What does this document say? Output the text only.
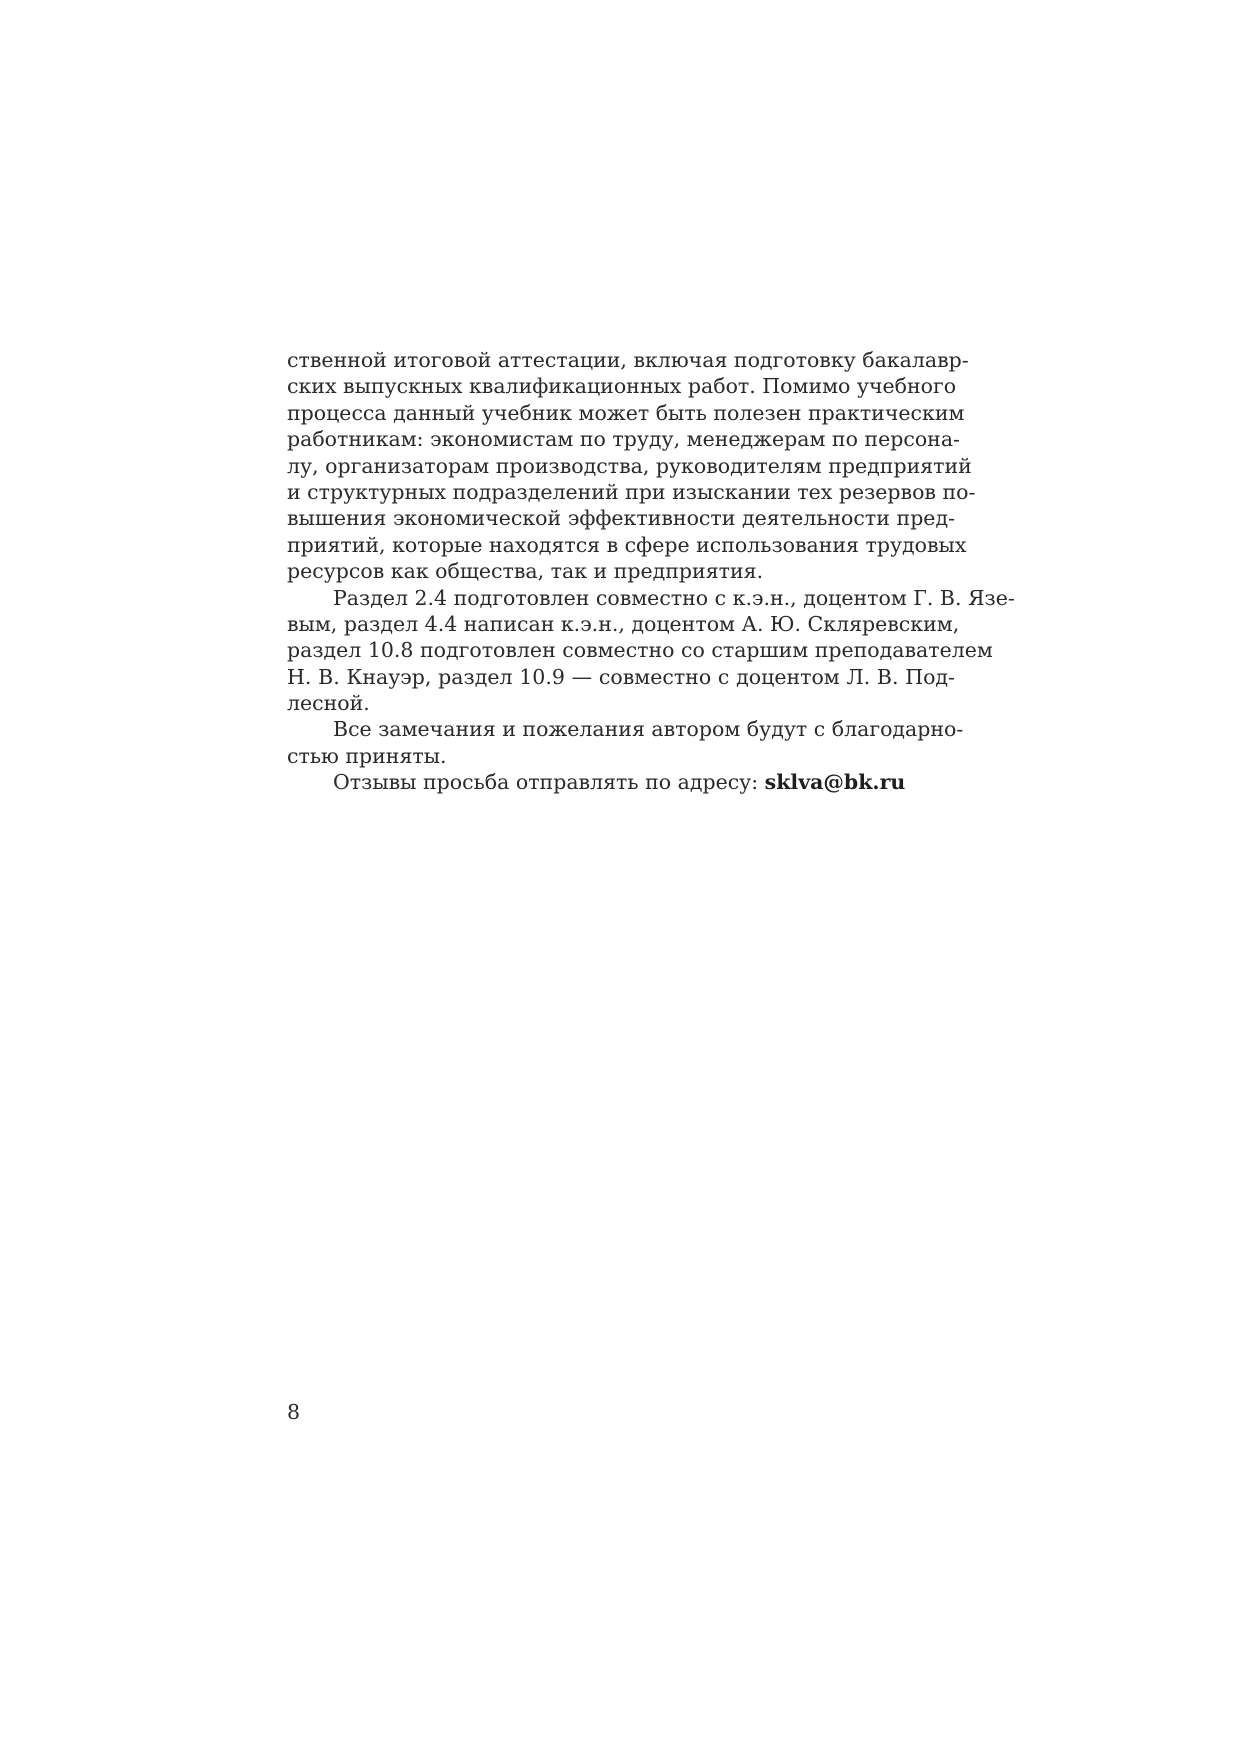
ственной итоговой аттестации, включая подготовку бакалавр-
ских выпускных квалификационных работ. Помимо учебного
процесса данный учебник может быть полезен практическим
работникам: экономистам по труду, менеджерам по персона-
лу, организаторам производства, руководителям предприятий
и структурных подразделений при изыскании тех резервов по-
вышения экономической эффективности деятельности пред-
приятий, которые находятся в сфере использования трудовых
ресурсов как общества, так и предприятия.
Раздел 2.4 подготовлен совместно с к.э.н., доцентом Г. В. Язе-
вым, раздел 4.4 написан к.э.н., доцентом А. Ю. Скляревским,
раздел 10.8 подготовлен совместно со старшим преподавателем
Н. В. Кнауэр, раздел 10.9 — совместно с доцентом Л. В. Под-
лесной.
Все замечания и пожелания автором будут с благодарно-
стью приняты.
Отзывы просьба отправлять по адресу: sklva@bk.ru
8
